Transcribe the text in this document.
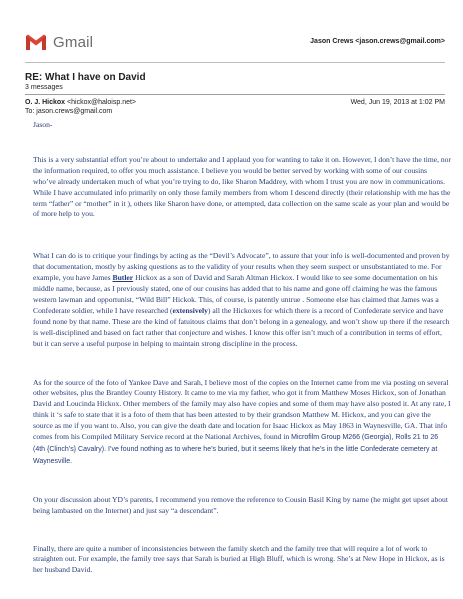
Gmail	Jason Crews <jason.crews@gmail.com>
RE: What I have on David
3 messages
O. J. Hickox <hickox@haloisp.net>	Wed, Jun 19, 2013 at 1:02 PM
To: jason.crews@gmail.com

Jason-

This is a very substantial effort you’re about to undertake and I applaud you for wanting to take it on. However, I don’t have the time, nor the information required, to offer you much assistance. I believe you would be better served by working with some of our cousins who’ve already undertaken much of what you’re trying to do, like Sharon Maddrey, with whom I trust you are now in communications. While I have accumulated info primarily on only those family members from whom I descend directly (their relationship with me has the term “father” or “mother” in it ), others like Sharon have done, or attempted, data collection on the same scale as your plan and would be of more help to you.

What I can do is to critique your findings by acting as the “Devil’s Advocate”, to assure that your info is well-documented and proven by that documentation, mostly by asking questions as to the validity of your results when they seem suspect or unsubstantiated to me. For example, you have James Butler Hickox as a son of David and Sarah Altman Hickox. I would like to see some documentation on his middle name, because, as I previously stated, one of our cousins has added that to his name and gone off claiming he was the famous western lawman and opportunist, “Wild Bill” Hickok. This, of course, is patently untrue . Someone else has claimed that James was a Confederate soldier, while I have researched (extensively) all the Hickoxes for which there is a record of Confederate service and have found none by that name. These are the kind of fatuitous claims that don’t belong in a genealogy, and won’t show up there if the research is well-disciplined and based on fact rather that conjecture and wishes. I know this offer isn’t much of a contribution in terms of effort, but it can serve a useful purpose in helping to maintain strong discipline in the process.

As for the source of the foto of Yankee Dave and Sarah, I believe most of the copies on the Internet came from me via posting on several other websites, plus the Brantley County History. It came to me via my father, who got it from Matthew Moses Hickox, son of Jonathan David and Loucinda Hickox. Other members of the family may also have copies and some of them may have also posted it. At any rate, I think it ‘s safe to state that it is a foto of them that has been attested to by their grandson Matthew M. Hickox, and you can give the source as me if you want to. Also, you can give the death date and location for Isaac Hickox as May 1863 in Waynesville, GA. That info comes from his Compiled Military Service record at the National Archives, found in Microfilm Group M266 (Georgia), Rolls 21 to 26 (4th {Clinch’s} Cavalry). I’ve found nothing as to where he’s buried, but it seems likely that he’s in the little Confederate cemetery at Waynesville.

On your discussion about YD’s parents, I recommend you remove the reference to Cousin Basil King by name (he might get upset about being lambasted on the Internet) and just say “a descendant”.

Finally, there are quite a number of inconsistencies between the family sketch and the family tree that will require a lot of work to straighten out. For example, the family tree says that Sarah is buried at High Bluff, which is wrong. She’s at New Hope in Hickox, as is her husband David.
